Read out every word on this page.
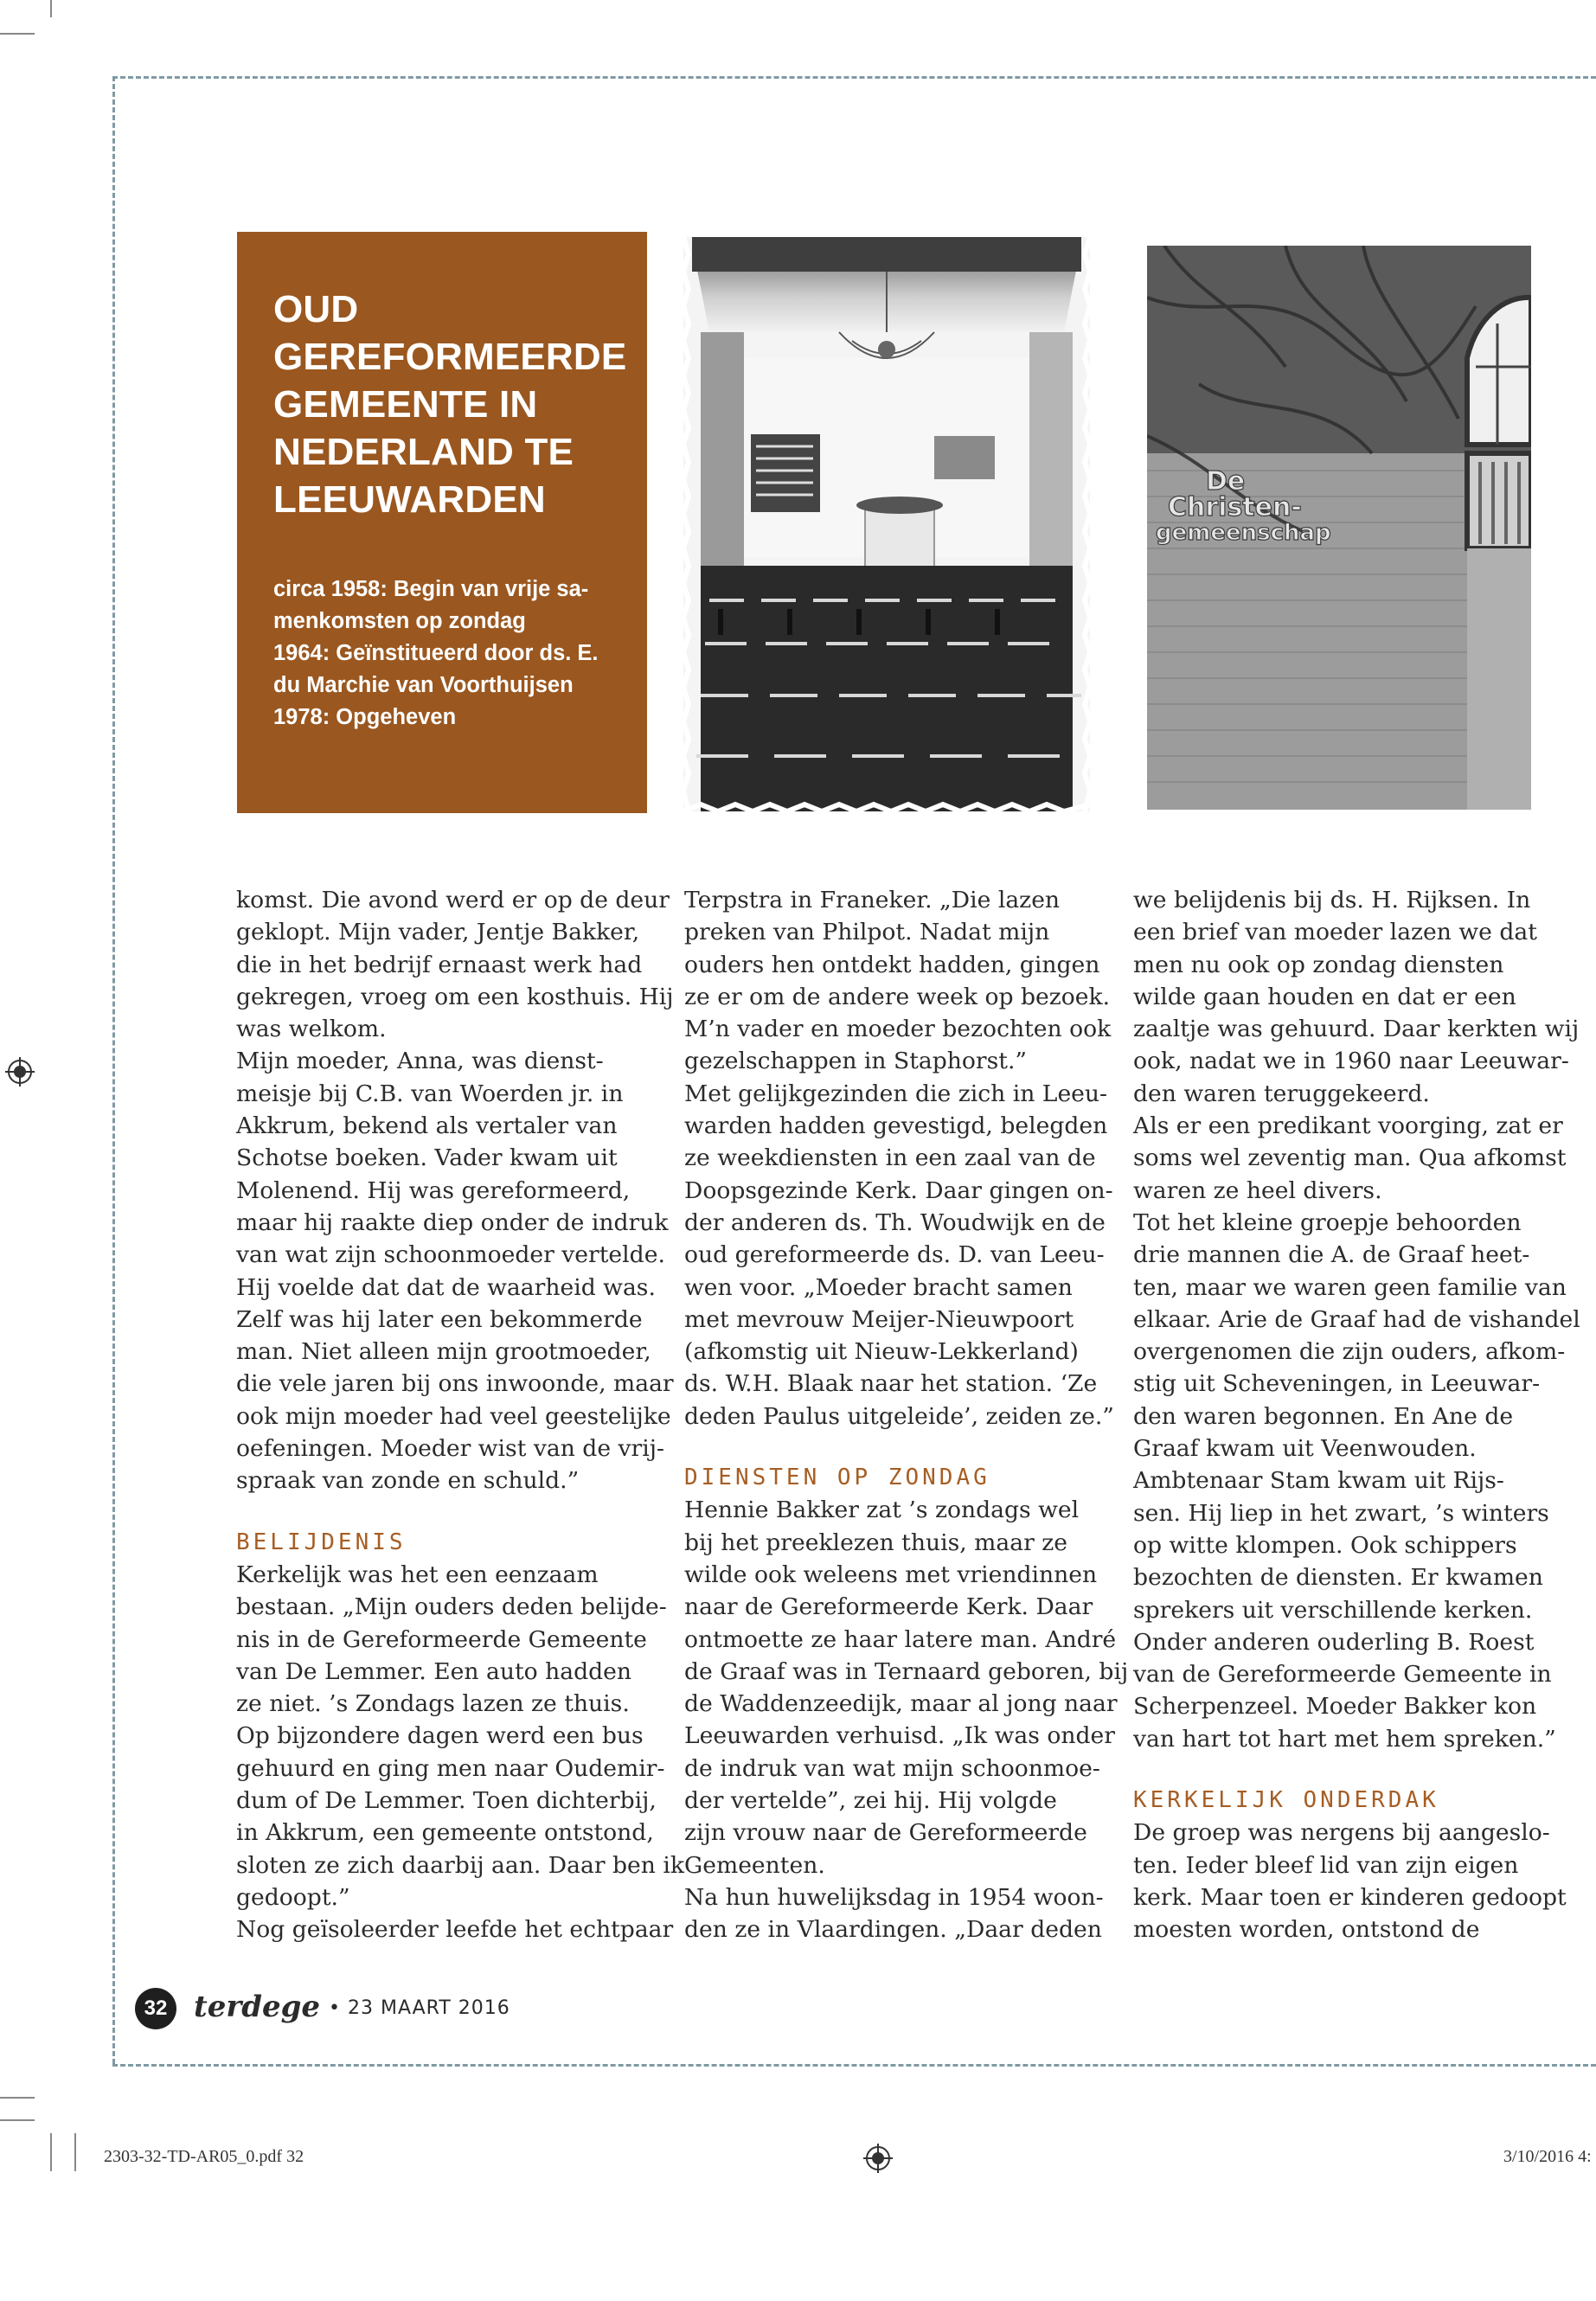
OUD
GEREFORMEERDE
GEMEENTE IN
NEDERLAND TE
LEEUWARDEN
circa 1958: Begin van vrije sa-
menkomsten op zondag
1964: Geïnstitueerd door ds. E.
du Marchie van Voorthuijsen
1978: Opgeheven
De
Christen-
gemeenschap
komst. Die avond werd er op de deur
geklopt. Mijn vader, Jentje Bakker,
die in het bedrijf ernaast werk had
gekregen, vroeg om een kosthuis. Hij
was welkom.
Mijn moeder, Anna, was dienst-
meisje bij C.B. van Woerden jr. in
Akkrum, bekend als vertaler van
Schotse boeken. Vader kwam uit
Molenend. Hij was gereformeerd,
maar hij raakte diep onder de indruk
van wat zijn schoonmoeder vertelde.
Hij voelde dat dat de waarheid was.
Zelf was hij later een bekommerde
man. Niet alleen mijn grootmoeder,
die vele jaren bij ons inwoonde, maar
ook mijn moeder had veel geestelijke
oefeningen. Moeder wist van de vrij-
spraak van zonde en schuld.”
BELIJDENIS
Kerkelijk was het een eenzaam
bestaan. „Mijn ouders deden belijde-
nis in de Gereformeerde Gemeente
van De Lemmer. Een auto hadden
ze niet. ’s Zondags lazen ze thuis.
Op bijzondere dagen werd een bus
gehuurd en ging men naar Oudemir-
dum of De Lemmer. Toen dichterbij,
in Akkrum, een gemeente ontstond,
sloten ze zich daarbij aan. Daar ben ik
gedoopt.”
Nog geïsoleerder leefde het echtpaar
Terpstra in Franeker. „Die lazen
preken van Philpot. Nadat mijn
ouders hen ontdekt hadden, gingen
ze er om de andere week op bezoek.
M’n vader en moeder bezochten ook
gezelschappen in Staphorst.”
Met gelijkgezinden die zich in Leeu-
warden hadden gevestigd, belegden
ze weekdiensten in een zaal van de
Doopsgezinde Kerk. Daar gingen on-
der anderen ds. Th. Woudwijk en de
oud gereformeerde ds. D. van Leeu-
wen voor. „Moeder bracht samen
met mevrouw Meijer-Nieuwpoort
(afkomstig uit Nieuw-Lekkerland)
ds. W.H. Blaak naar het station. ‘Ze
deden Paulus uitgeleide’, zeiden ze.”
DIENSTEN OP ZONDAG
Hennie Bakker zat ’s zondags wel
bij het preeklezen thuis, maar ze
wilde ook weleens met vriendinnen
naar de Gereformeerde Kerk. Daar
ontmoette ze haar latere man. André
de Graaf was in Ternaard geboren, bij
de Waddenzeedijk, maar al jong naar
Leeuwarden verhuisd. „Ik was onder
de indruk van wat mijn schoonmoe-
der vertelde”, zei hij. Hij volgde
zijn vrouw naar de Gereformeerde
Gemeenten.
Na hun huwelijksdag in 1954 woon-
den ze in Vlaardingen. „Daar deden
we belijdenis bij ds. H. Rijksen. In
een brief van moeder lazen we dat
men nu ook op zondag diensten
wilde gaan houden en dat er een
zaaltje was gehuurd. Daar kerkten wij
ook, nadat we in 1960 naar Leeuwar-
den waren teruggekeerd.
Als er een predikant voorging, zat er
soms wel zeventig man. Qua afkomst
waren ze heel divers.
Tot het kleine groepje behoorden
drie mannen die A. de Graaf heet-
ten, maar we waren geen familie van
elkaar. Arie de Graaf had de vishandel
overgenomen die zijn ouders, afkom-
stig uit Scheveningen, in Leeuwar-
den waren begonnen. En Ane de
Graaf kwam uit Veenwouden.
Ambtenaar Stam kwam uit Rijs-
sen. Hij liep in het zwart, ’s winters
op witte klompen. Ook schippers
bezochten de diensten. Er kwamen
sprekers uit verschillende kerken.
Onder anderen ouderling B. Roest
van de Gereformeerde Gemeente in
Scherpenzeel. Moeder Bakker kon
van hart tot hart met hem spreken.”
KERKELIJK ONDERDAK
De groep was nergens bij aangeslo-
ten. Ieder bleef lid van zijn eigen
kerk. Maar toen er kinderen gedoopt
moesten worden, ontstond de
32 terdege • 23 MAART 2016
2303-32-TD-AR05_0.pdf 32	3/10/2016 4:
